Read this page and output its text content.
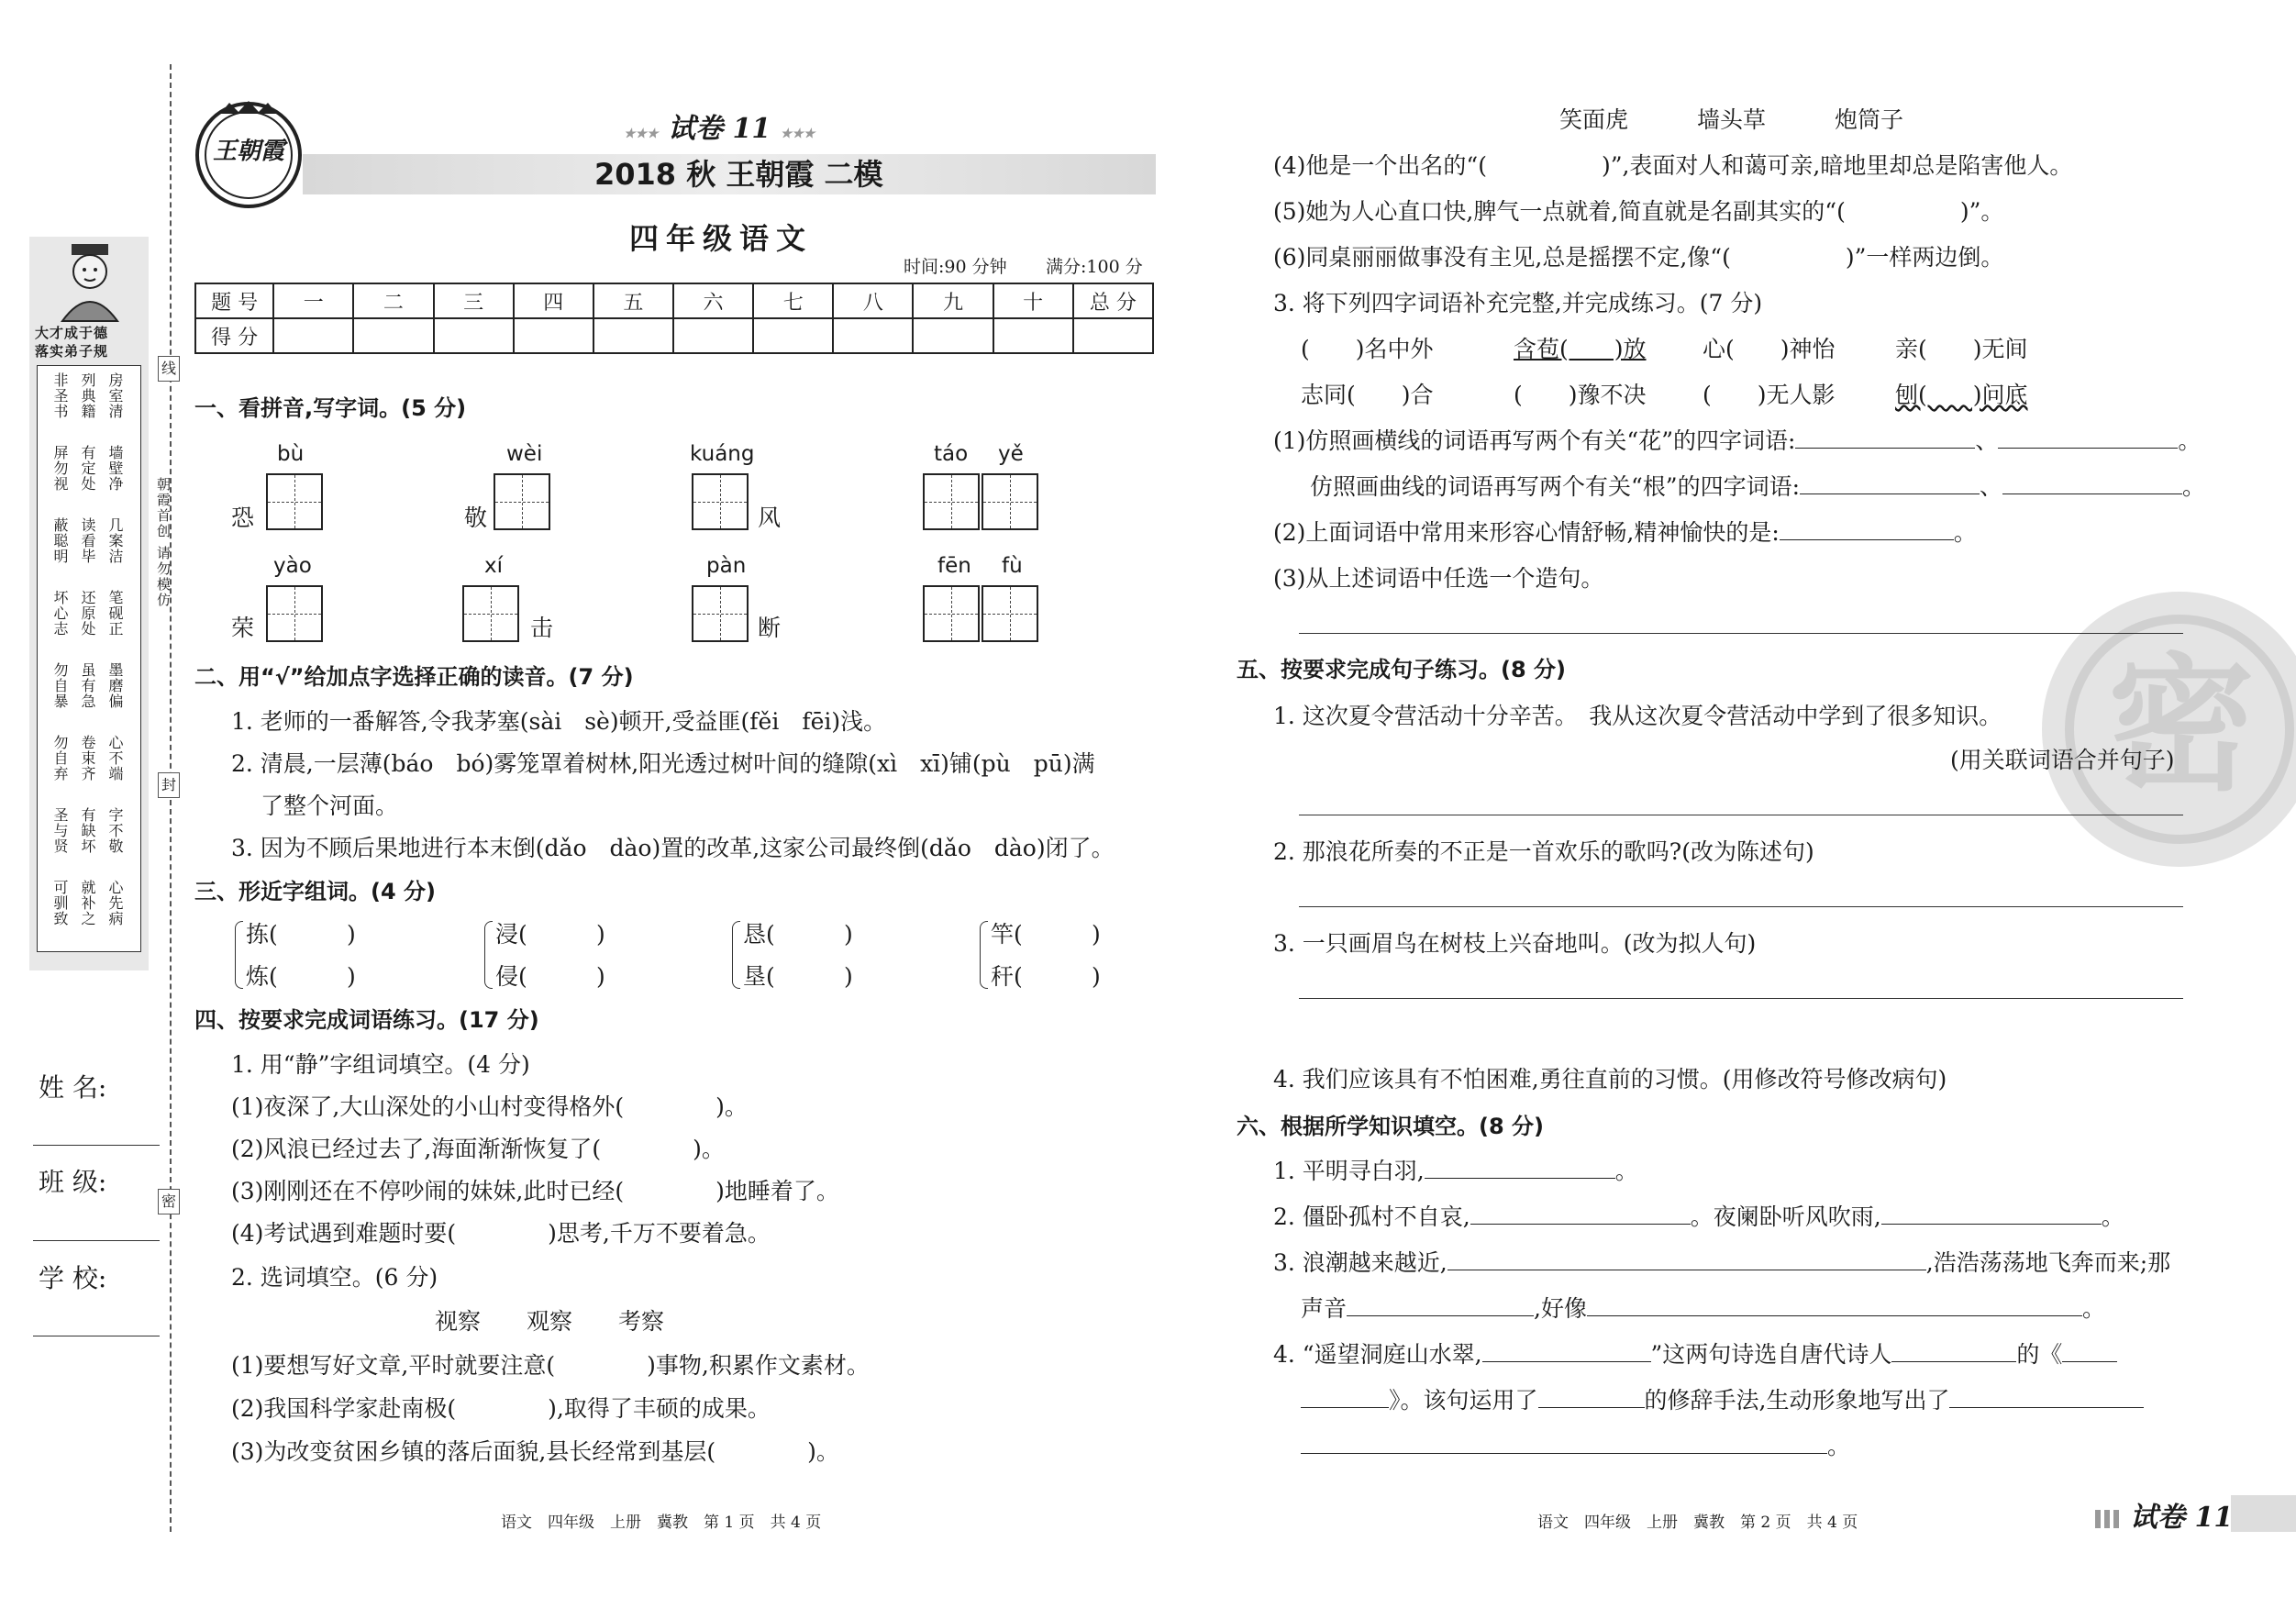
大才成于德
落实弟子规
非圣书 列典籍 房室清
屏勿视 有定处 墙壁净
蔽聪明 读看毕 几案洁
坏心志 还原处 笔砚正
勿自暴 虽有急 墨磨偏
勿自弃 卷束齐 心不端
圣与贤 有缺坏 字不敬
可驯致 就补之 心先病
朝霞首创 请勿模仿
线
封
密
姓 名:
班 级:
学 校:
王朝霞
★★★ 试卷 11 ★★★
2018 秋 王朝霞 二模
四年级语文
时间:90 分钟 满分:100 分
题 号	一	二	三	四	五	六	七	八	九	十	总 分
得 分											
一、看拼音,写字词。(5 分)
bù	wèi	kuáng	táo yě
yào	xí	pàn	fēn fù
恐	敬	风
荣	击	断
二、用“√”给加点字选择正确的读音。(7 分)
1. 老师的一番解答,令我茅塞(sài　sè)顿开,受益匪(fěi　fēi)浅。
2. 清晨,一层薄(báo　bó)雾笼罩着树林,阳光透过树叶间的缝隙(xì　xī)铺(pù　pū)满
了整个河面。
3. 因为不顾后果地进行本末倒(dǎo　dào)置的改革,这家公司最终倒(dǎo　dào)闭了。
三、形近字组词。(4 分)
拣(	)
炼(	)
浸(	)
侵(	)
恳(	)
垦(	)
竿(	)
秆(	)
四、按要求完成词语练习。(17 分)
1. 用“静”字组词填空。(4 分)
(1)夜深了,大山深处的小山村变得格外(　　　　)。
(2)风浪已经过去了,海面渐渐恢复了(　　　　)。
(3)刚刚还在不停吵闹的妹妹,此时已经(　　　　)地睡着了。
(4)考试遇到难题时要(　　　　)思考,千万不要着急。
2. 选词填空。(6 分)
视察　　观察　　考察
(1)要想写好文章,平时就要注意(　　　　)事物,积累作文素材。
(2)我国科学家赴南极(　　　　),取得了丰硕的成果。
(3)为改变贫困乡镇的落后面貌,县长经常到基层(　　　　)。
语文　四年级　上册　冀教　第 1 页　共 4 页
密
笑面虎　　　墙头草　　　炮筒子
(4)他是一个出名的“(　　　　　)”,表面对人和蔼可亲,暗地里却总是陷害他人。
(5)她为人心直口快,脾气一点就着,简直就是名副其实的“(　　　　　)”。
(6)同桌丽丽做事没有主见,总是摇摆不定,像“(　　　　　)”一样两边倒。
3. 将下列四字词语补充完整,并完成练习。(7 分)
(　　)名中外	含苞(　　)放 心(　　)神怡	亲(　　)无间
志同(　　)合	(　　)豫不决 (　　)无人影	刨(　　)问底
(1)仿照画横线的词语再写两个有关“花”的四字词语:	、	。
仿照画曲线的词语再写两个有关“根”的四字词语:	、	。
(2)上面词语中常用来形容心情舒畅,精神愉快的是:	。
(3)从上述词语中任选一个造句。
五、按要求完成句子练习。(8 分)
1. 这次夏令营活动十分辛苦。　我从这次夏令营活动中学到了很多知识。
(用关联词语合并句子)
2. 那浪花所奏的不正是一首欢乐的歌吗?(改为陈述句)
3. 一只画眉鸟在树枝上兴奋地叫。(改为拟人句)
4. 我们应该具有不怕困难,勇往直前的习惯。(用修改符号修改病句)
六、根据所学知识填空。(8 分)
1. 平明寻白羽,	。
2. 僵卧孤村不自哀,	。夜阑卧听风吹雨,	。
3. 浪潮越来越近,	,浩浩荡荡地飞奔而来;那
声音	,好像	。
4. “遥望洞庭山水翠,	”这两句诗选自唐代诗人	的《
》。该句运用了	的修辞手法,生动形象地写出了
。
语文　四年级　上册　冀教　第 2 页　共 4 页	试卷 11
